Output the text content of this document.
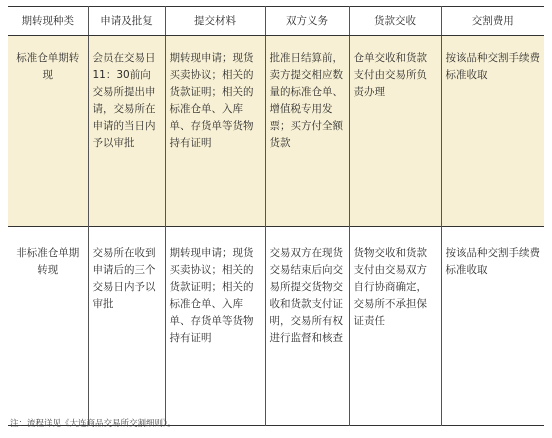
期转现种类	申请及批复	提交材料	双方义务	货款交收	交割费用
标准仓单期转现	会员在交易日11：30前向交易所提出申请，交易所在申请的当日内予以审批	期转现申请；现货买卖协议；相关的货款证明；相关的标准仓单、入库单、存货单等货物持有证明	批准日结算前，卖方提交相应数量的标准仓单、增值税专用发票；买方付全额货款	仓单交收和货款支付由交易所负责办理	按该品种交割手续费标准收取
非标准仓单期转现	交易所在收到申请后的三个交易日内予以审批	期转现申请；现货买卖协议；相关的货款证明；相关的标准仓单、入库单、存货单等货物持有证明	交易双方在现货交易结束后向交易所提交货物交收和货款支付证明，交易所有权进行监督和核查	货物交收和货款支付由交易双方自行协商确定，交易所不承担保证责任	按该品种交割手续费标准收取
注：流程详见《大连商品交易所交割细则》。
